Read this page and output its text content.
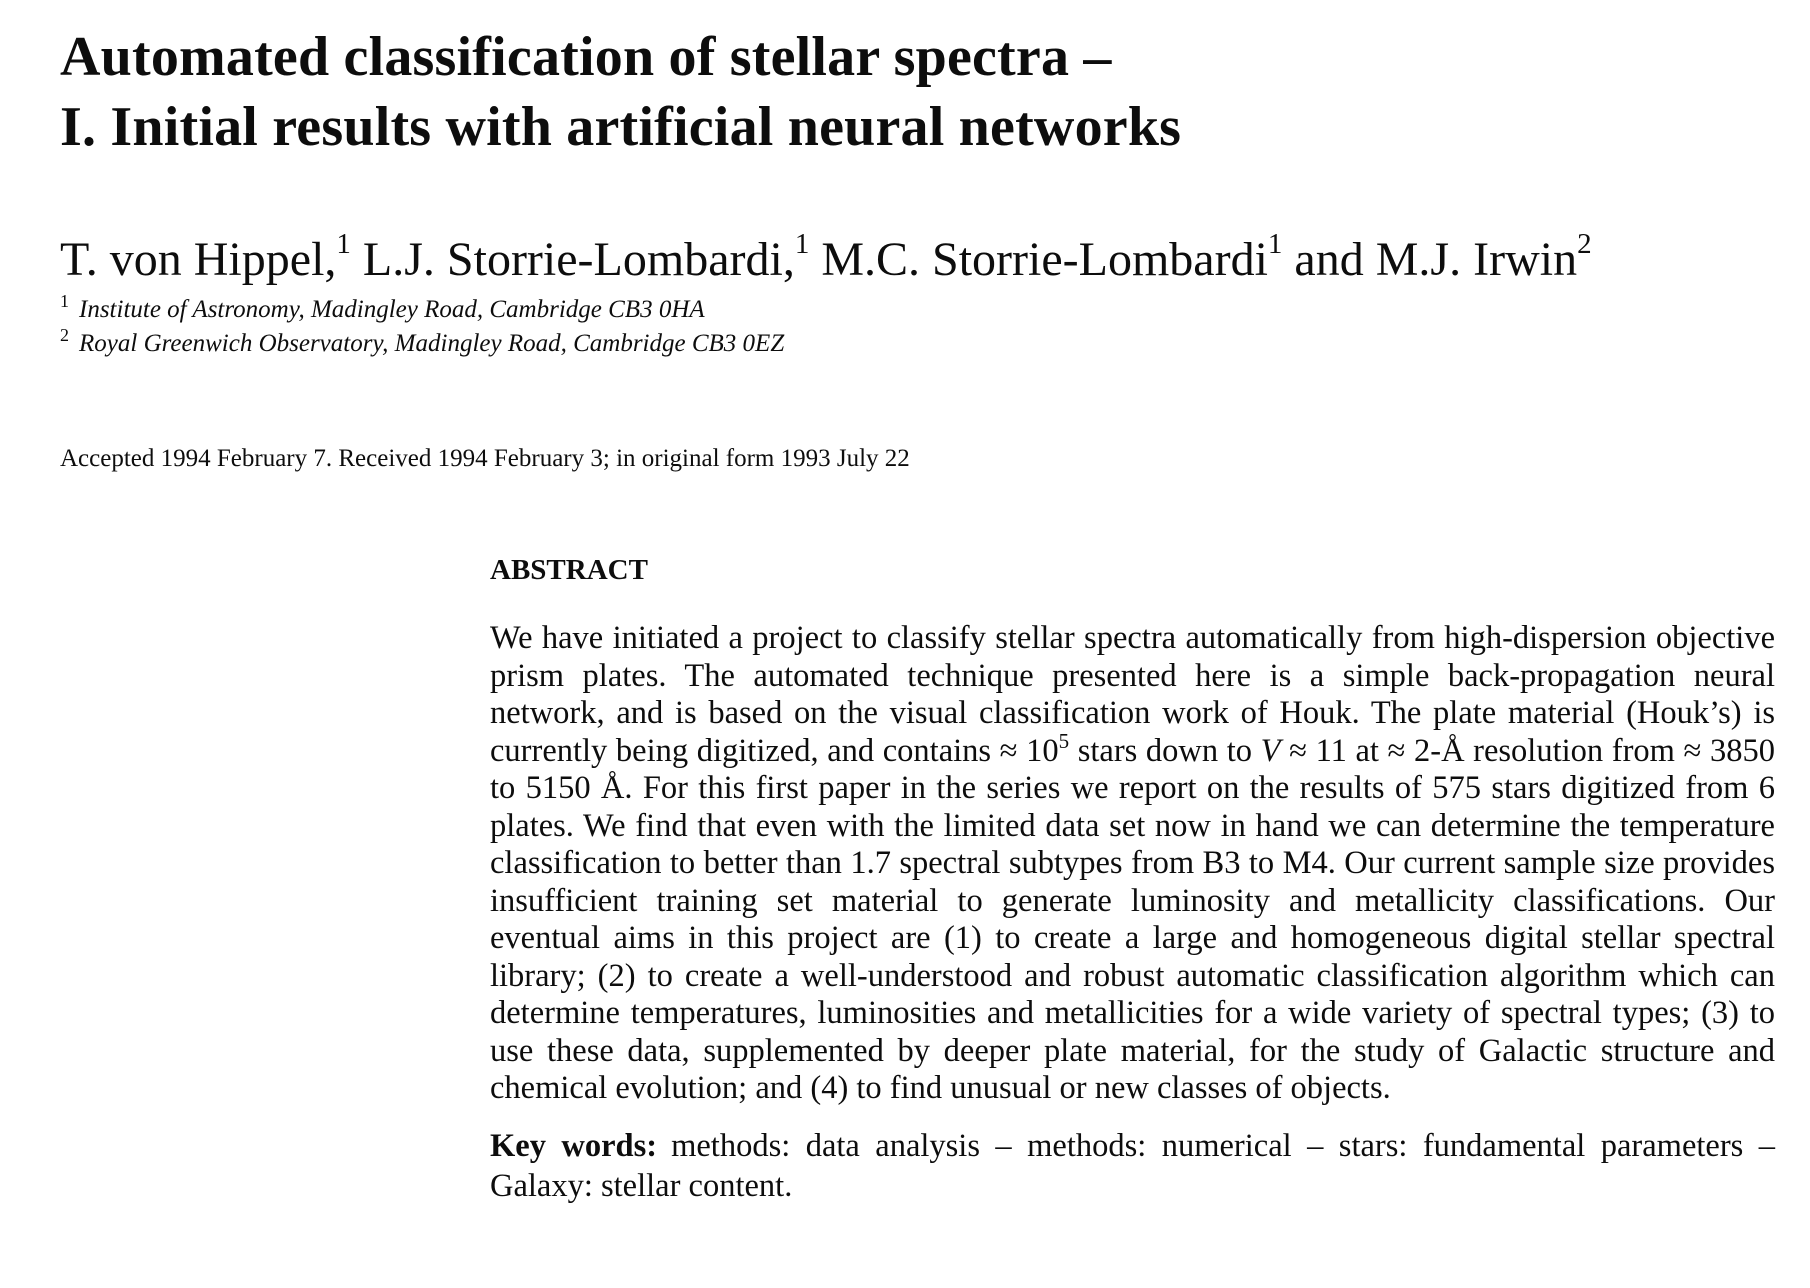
Automated classification of stellar spectra –
I. Initial results with artificial neural networks

T. von Hippel,$^1$ L.J. Storrie-Lombardi,$^1$ M.C. Storrie-Lombardi$^1$ and M.J. Irwin$^2$

$^1$ Institute of Astronomy, Madingley Road, Cambridge CB3 0HA
$^2$ Royal Greenwich Observatory, Madingley Road, Cambridge CB3 0EZ
Accepted 1994 February 7. Received 1994 February 3; in original form 1993 July 22
ABSTRACT

We have initiated a project to classify stellar spectra automatically from high-dispersion objective prism plates. The automated technique presented here is a simple back-propagation neural network, and is based on the visual classification work of Houk. The plate material (Houk’s) is currently being digitized, and contains ≈ $10^5$ stars down to V ≈ 11 at ≈ 2-Å resolution from ≈ 3850 to 5150 Å. For this first paper in the series we report on the results of 575 stars digitized from 6 plates. We find that even with the limited data set now in hand we can determine the temperature classification to better than 1.7 spectral subtypes from B3 to M4. Our current sample size provides insufficient training set material to generate luminosity and metallicity classifications. Our eventual aims in this project are (1) to create a large and homogeneous digital stellar spectral library; (2) to create a well-understood and robust automatic classification algorithm which can determine temperatures, luminosities and metallicities for a wide variety of spectral types; (3) to use these data, supplemented by deeper plate material, for the study of Galactic structure and chemical evolution; and (4) to find unusual or new classes of objects.

Key words: methods: data analysis – methods: numerical – stars: fundamental parameters – Galaxy: stellar content.
